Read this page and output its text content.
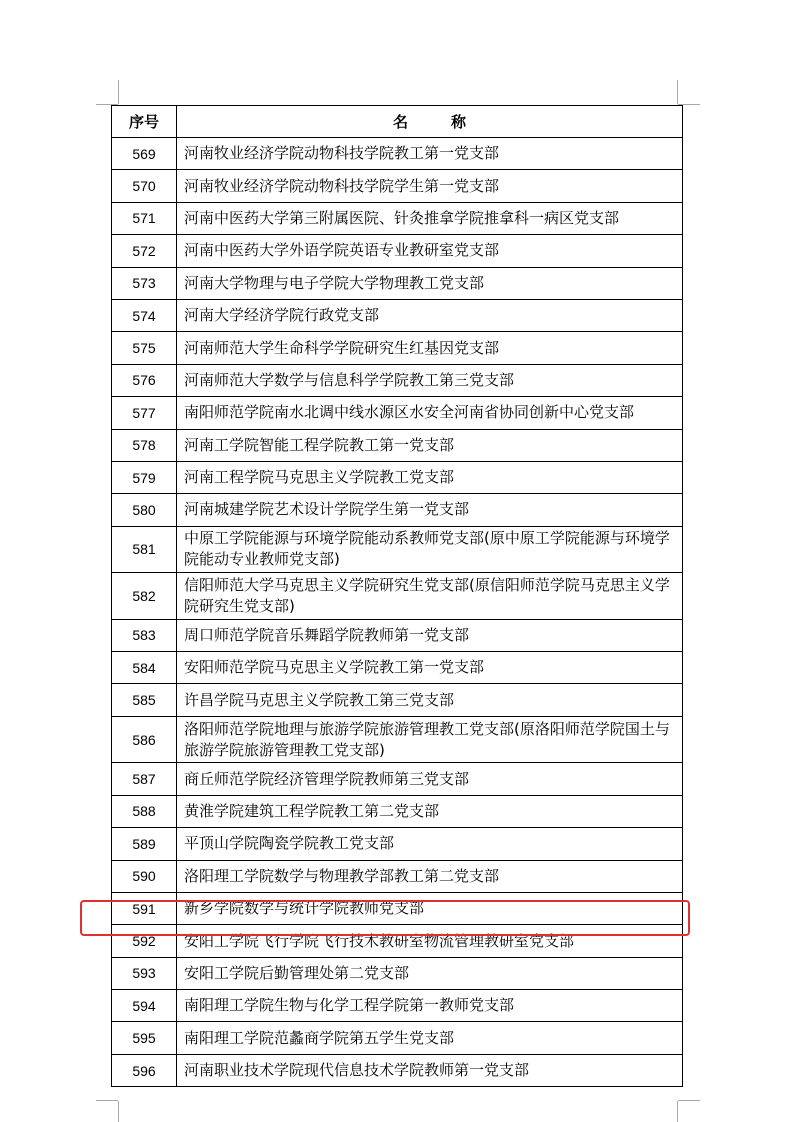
序号	名　称
569	河南牧业经济学院动物科技学院教工第一党支部
570	河南牧业经济学院动物科技学院学生第一党支部
571	河南中医药大学第三附属医院、针灸推拿学院推拿科一病区党支部
572	河南中医药大学外语学院英语专业教研室党支部
573	河南大学物理与电子学院大学物理教工党支部
574	河南大学经济学院行政党支部
575	河南师范大学生命科学学院研究生红基因党支部
576	河南师范大学数学与信息科学学院教工第三党支部
577	南阳师范学院南水北调中线水源区水安全河南省协同创新中心党支部
578	河南工学院智能工程学院教工第一党支部
579	河南工程学院马克思主义学院教工党支部
580	河南城建学院艺术设计学院学生第一党支部
581	中原工学院能源与环境学院能动系教师党支部(原中原工学院能源与环境学院能动专业教师党支部)
582	信阳师范大学马克思主义学院研究生党支部(原信阳师范学院马克思主义学院研究生党支部)
583	周口师范学院音乐舞蹈学院教师第一党支部
584	安阳师范学院马克思主义学院教工第一党支部
585	许昌学院马克思主义学院教工第三党支部
586	洛阳师范学院地理与旅游学院旅游管理教工党支部(原洛阳师范学院国土与旅游学院旅游管理教工党支部)
587	商丘师范学院经济管理学院教师第三党支部
588	黄淮学院建筑工程学院教工第二党支部
589	平顶山学院陶瓷学院教工党支部
590	洛阳理工学院数学与物理教学部教工第二党支部
591	新乡学院数学与统计学院教师党支部
592	安阳工学院飞行学院飞行技术教研室物流管理教研室党支部
593	安阳工学院后勤管理处第二党支部
594	南阳理工学院生物与化学工程学院第一教师党支部
595	南阳理工学院范蠡商学院第五学生党支部
596	河南职业技术学院现代信息技术学院教师第一党支部
